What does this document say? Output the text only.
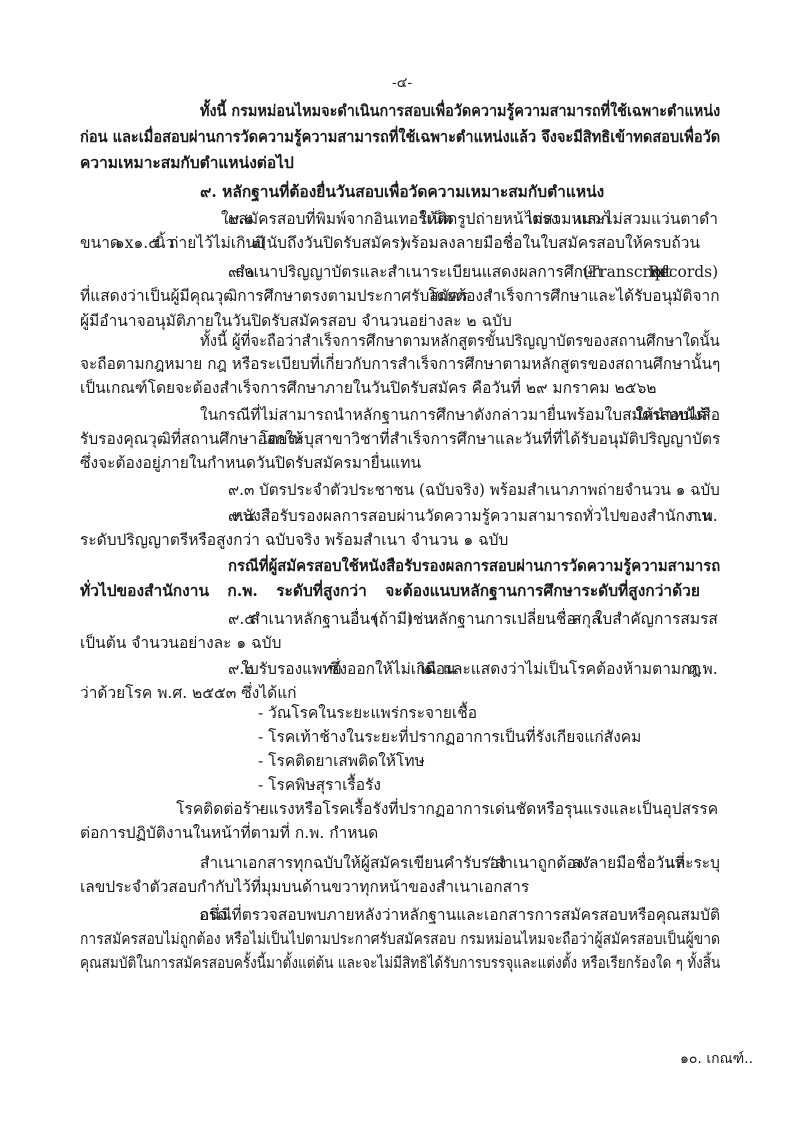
-๔-
ทั้งนี้ กรมหม่อนไหมจะดำเนินการสอบเพื่อวัดความรู้ความสามารถที่ใช้เฉพาะตำแหน่ง
ก่อน และเมื่อสอบผ่านการวัดความรู้ความสามารถที่ใช้เฉพาะตำแหน่งแล้ว จึงจะมีสิทธิเข้าทดสอบเพื่อวัด
ความเหมาะสมกับตำแหน่งต่อไป
๙. หลักฐานที่ต้องยื่นวันสอบเพื่อวัดความเหมาะสมกับตำแหน่ง
๙.๑ ใบสมัครสอบที่พิมพ์จากอินเทอร์เน็ต ให้ติดรูปถ่ายหน้าตรง ไม่สวมหมวก และไม่สวมแว่นตาดำ
ขนาด ๑x๑.๕ นิ้ว ถ่ายไว้ไม่เกิน ๑ ปี (นับถึงวันปิดรับสมัคร) พร้อมลงลายมือชื่อในใบสมัครสอบให้ครบถ้วน
๙.๒ สำเนาปริญญาบัตรและสำเนาระเบียนแสดงผลการศึกษา (Transcript of Records)
ที่แสดงว่าเป็นผู้มีคุณวุฒิการศึกษาตรงตามประกาศรับสมัคร โดยต้องสำเร็จการศึกษาและได้รับอนุมัติจาก
ผู้มีอำนาจอนุมัติภายในวันปิดรับสมัครสอบ จำนวนอย่างละ ๒ ฉบับ
ทั้งนี้ ผู้ที่จะถือว่าสำเร็จการศึกษาตามหลักสูตรขั้นปริญญาบัตรของสถานศึกษาใดนั้น
จะถือตามกฎหมาย กฎ หรือระเบียบที่เกี่ยวกับการสำเร็จการศึกษาตามหลักสูตรของสถานศึกษานั้นๆ
เป็นเกณฑ์โดยจะต้องสำเร็จการศึกษาภายในวันปิดรับสมัคร คือวันที่ ๒๙ มกราคม ๒๕๖๒
ในกรณีที่ไม่สามารถนำหลักฐานการศึกษาดังกล่าวมายื่นพร้อมใบสมัครสอบได้ ให้นำหนังสือ
รับรองคุณวุฒิที่สถานศึกษาออกให้ โดยระบุสาขาวิชาที่สำเร็จการศึกษาและวันที่ที่ได้รับอนุมัติปริญญาบัตร
ซึ่งจะต้องอยู่ภายในกำหนดวันปิดรับสมัครมายื่นแทน
๙.๓ บัตรประจำตัวประชาชน (ฉบับจริง) พร้อมสำเนาภาพถ่ายจำนวน ๑ ฉบับ
๙.๔ หนังสือรับรองผลการสอบผ่านวัดความรู้ความสามารถทั่วไปของสำนักงาน ก.พ.
ระดับปริญญาตรีหรือสูงกว่า ฉบับจริง พร้อมสำเนา จำนวน ๑ ฉบับ
กรณีที่ผู้สมัครสอบใช้หนังสือรับรองผลการสอบผ่านการวัดความรู้ความสามารถ
ทั่วไปของสำนักงาน ก.พ. ระดับที่สูงกว่า จะต้องแนบหลักฐานการศึกษาระดับที่สูงกว่าด้วย
๙.๕ สำเนาหลักฐานอื่นๆ (ถ้ามี) เช่น หลักฐานการเปลี่ยนชื่อ – สกุล ใบสำคัญการสมรส
เป็นต้น จำนวนอย่างละ ๑ ฉบับ
๙.๖ ใบรับรองแพทย์ ซึ่งออกให้ไม่เกิน ๑ เดือน และแสดงว่าไม่เป็นโรคต้องห้ามตามกฎ ก.พ.
ว่าด้วยโรค พ.ศ. ๒๕๕๓ ซึ่งได้แก่
- วัณโรคในระยะแพร่กระจายเชื้อ
- โรคเท้าช้างในระยะที่ปรากฏอาการเป็นที่รังเกียจแก่สังคม
- โรคติดยาเสพติดให้โทษ
- โรคพิษสุราเรื้อรัง
- โรคติดต่อร้ายแรงหรือโรคเรื้อรังที่ปรากฏอาการเด่นชัดหรือรุนแรงและเป็นอุปสรรค
ต่อการปฏิบัติงานในหน้าที่ตามที่ ก.พ. กำหนด
สำเนาเอกสารทุกฉบับให้ผู้สมัครเขียนคำรับรอง “สำเนาถูกต้อง” ลงลายมือชื่อวันที่ และระบุ
เลขประจำตัวสอบกำกับไว้ที่มุมบนด้านขวาทุกหน้าของสำเนาเอกสาร
อนึ่ง กรณีที่ตรวจสอบพบภายหลังว่าหลักฐานและเอกสารการสมัครสอบหรือคุณสมบัติ
การสมัครสอบไม่ถูกต้อง หรือไม่เป็นไปตามประกาศรับสมัครสอบ กรมหม่อนไหมจะถือว่าผู้สมัครสอบเป็นผู้ขาด
คุณสมบัติในการสมัครสอบครั้งนี้มาตั้งแต่ต้น และจะไม่มีสิทธิได้รับการบรรจุและแต่งตั้ง หรือเรียกร้องใด ๆ ทั้งสิ้น
๑๐. เกณฑ์..
